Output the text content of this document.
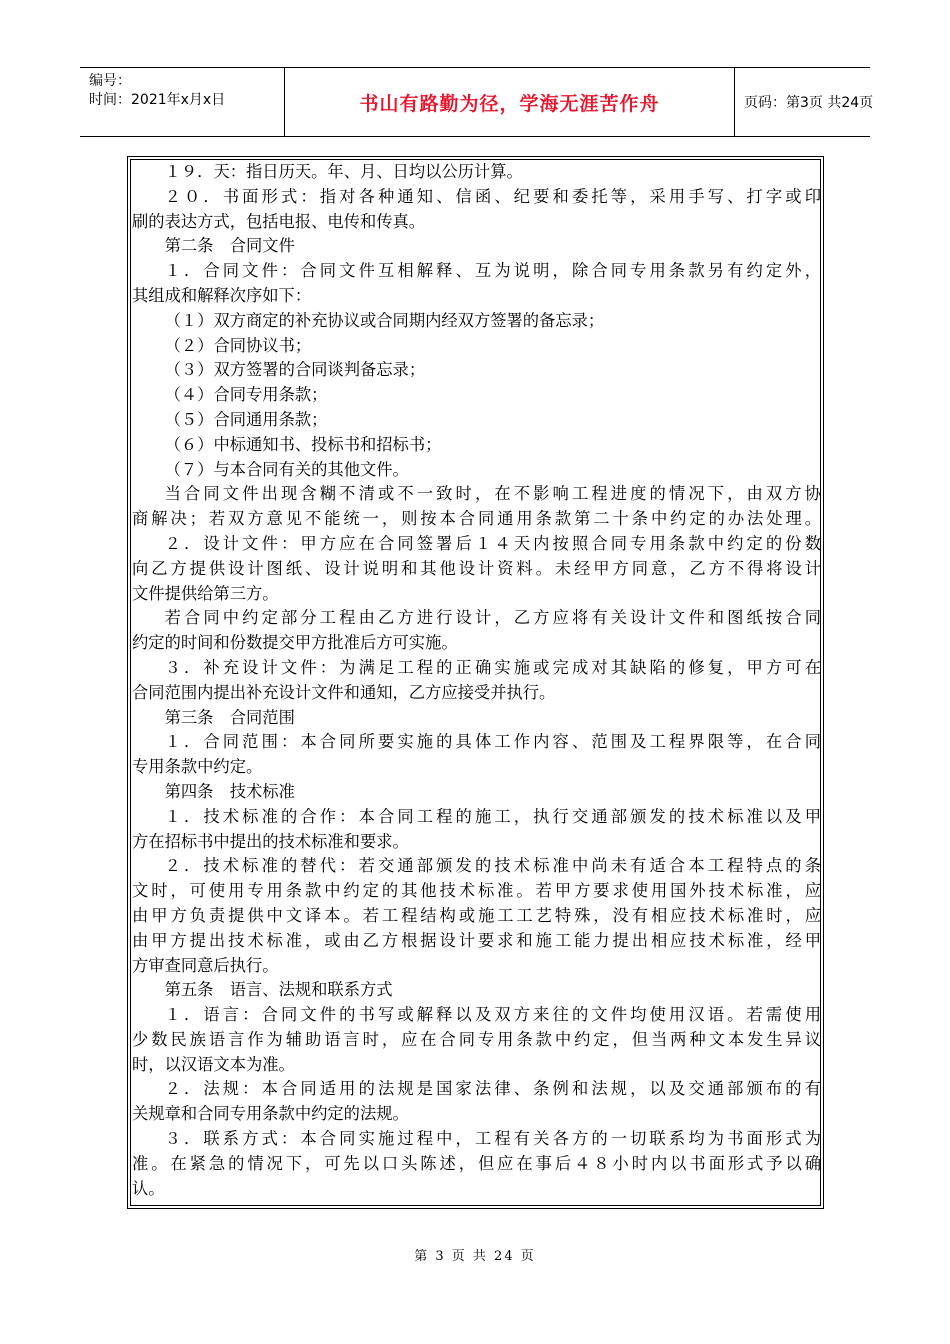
编号：
时间：2021年x月x日	书山有路勤为径，学海无涯苦作舟	页码：第3页 共24页
１９．天：指日历天。年、月、日均以公历计算。
２０．书面形式：指对各种通知、信函、纪要和委托等，采用手写、打字或印
刷的表达方式，包括电报、电传和传真。
第二条　合同文件
１．合同文件：合同文件互相解释、互为说明，除合同专用条款另有约定外，
其组成和解释次序如下：
（１）双方商定的补充协议或合同期内经双方签署的备忘录；
（２）合同协议书；
（３）双方签署的合同谈判备忘录；
（４）合同专用条款；
（５）合同通用条款；
（６）中标通知书、投标书和招标书；
（７）与本合同有关的其他文件。
当合同文件出现含糊不清或不一致时，在不影响工程进度的情况下，由双方协
商解决；若双方意见不能统一，则按本合同通用条款第二十条中约定的办法处理。
２．设计文件：甲方应在合同签署后１４天内按照合同专用条款中约定的份数
向乙方提供设计图纸、设计说明和其他设计资料。未经甲方同意，乙方不得将设计
文件提供给第三方。
若合同中约定部分工程由乙方进行设计，乙方应将有关设计文件和图纸按合同
约定的时间和份数提交甲方批准后方可实施。
３．补充设计文件：为满足工程的正确实施或完成对其缺陷的修复，甲方可在
合同范围内提出补充设计文件和通知，乙方应接受并执行。
第三条　合同范围
１．合同范围：本合同所要实施的具体工作内容、范围及工程界限等，在合同
专用条款中约定。
第四条　技术标准
１．技术标准的合作：本合同工程的施工，执行交通部颁发的技术标准以及甲
方在招标书中提出的技术标准和要求。
２．技术标准的替代：若交通部颁发的技术标准中尚未有适合本工程特点的条
文时，可使用专用条款中约定的其他技术标准。若甲方要求使用国外技术标准，应
由甲方负责提供中文译本。若工程结构或施工工艺特殊，没有相应技术标准时，应
由甲方提出技术标准，或由乙方根据设计要求和施工能力提出相应技术标准，经甲
方审查同意后执行。
第五条　语言、法规和联系方式
１．语言：合同文件的书写或解释以及双方来往的文件均使用汉语。若需使用
少数民族语言作为辅助语言时，应在合同专用条款中约定，但当两种文本发生异议
时，以汉语文本为准。
２．法规：本合同适用的法规是国家法律、条例和法规，以及交通部颁布的有
关规章和合同专用条款中约定的法规。
３．联系方式：本合同实施过程中，工程有关各方的一切联系均为书面形式为
准。在紧急的情况下，可先以口头陈述，但应在事后４８小时内以书面形式予以确
认。
第 3 页 共 24 页
